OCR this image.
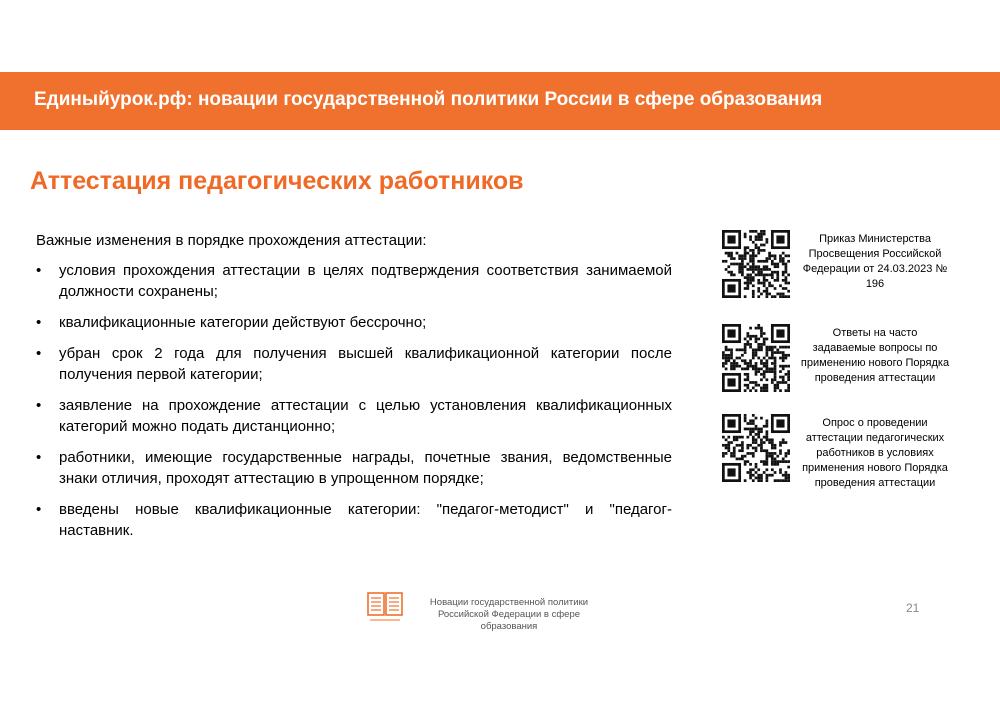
Единыйурок.рф: новации государственной политики России в сфере образования
Аттестация педагогических работников
Важные изменения в порядке прохождения аттестации:
• условия прохождения аттестации в целях подтверждения соответствия занимаемой должности сохранены;
• квалификационные категории действуют бессрочно;
• убран срок 2 года для получения высшей квалификационной категории после получения первой категории;
• заявление на прохождение аттестации с целью установления квалификационных категорий можно подать дистанционно;
• работники, имеющие государственные награды, почетные звания, ведомственные знаки отличия, проходят аттестацию в упрощенном порядке;
• введены новые квалификационные категории: "педагог-методист" и "педагог-наставник.
Приказ Министерства Просвещения Российской Федерации от 24.03.2023 № 196
Ответы на часто задаваемые вопросы по применению нового Порядка проведения аттестации
Опрос о проведении аттестации педагогических работников в условиях применения нового Порядка проведения аттестации
Новации государственной политики
Российской Федерации в сфере образования
21
